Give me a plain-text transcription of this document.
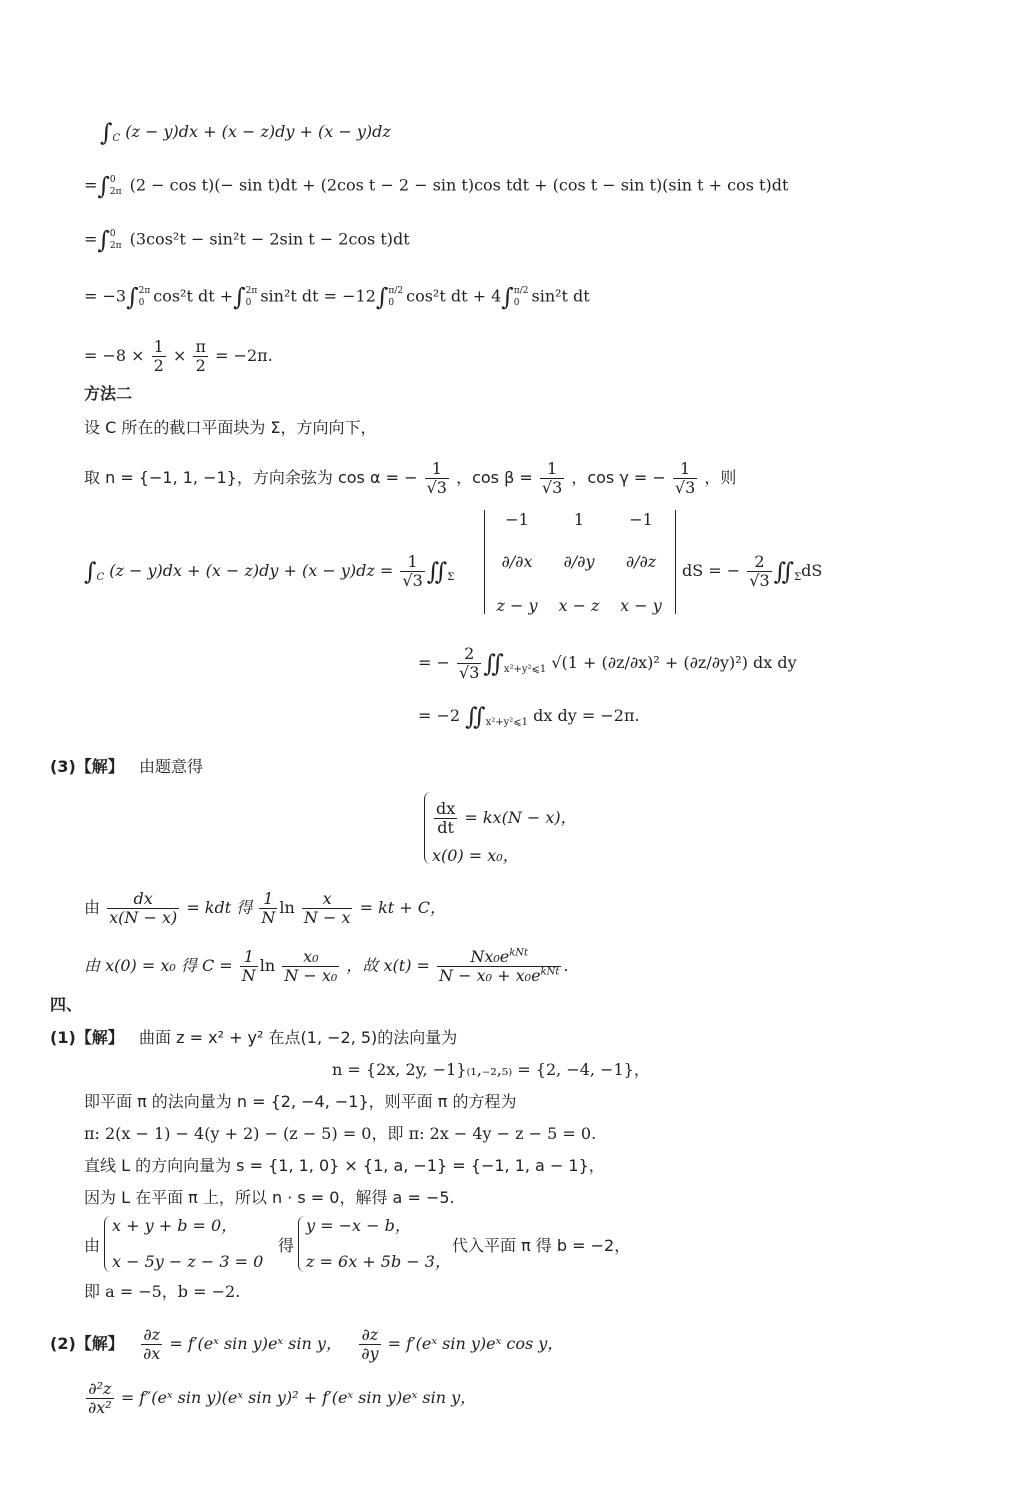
$\int_C$ (z − y)dx + (x − z)dy + (x − y)dz
=∫ 0
2π (2 − cos t)(− sin t)dt + (2cos t − 2 − sin t)cos tdt + (cos t − sin t)(sin t + cos t)dt
=∫ 0
2π (3cos²t − sin²t − 2sin t − 2cos t)dt
= −3∫ 2π
0 cos²t dt +∫ 2π
0 sin²t dt = −12∫ π/2
0 cos²t dt + 4∫ π/2
0 sin²t dt
= $-8 \times \frac{1}{2} \times \frac{\pi}{2} = -2\pi$.
方法二
设 C 所在的截口平面块为 Σ，方向向下，
取 n = {−1, 1, −1}，方向余弦为 cos α = − $\frac{1}{√3}$ ，$\cos \beta = \frac{1}{√3}$ ，cos γ = − $\frac{1}{√3}$ ，则
$\int_C$ $(z - y)dx + (x - z)dy + (x - y)dz = \frac{1}{√3}$ $∬_\Sigma$
−1	1	−1
∂/∂x	∂/∂y	∂/∂z
z − y	x − z	x − y
dS = − $\frac{2}{√3}$ $∬_\Sigma dS$
= − $\frac{2}{√3}$ $∬_{x^2+y^2⩽1}$ √(1 + (∂z/∂x)² + (∂z/∂y)²) dx dy
= −2 $∬_{x^2+y^2⩽1}$ dx dy = −2π.
(3)【解】 由题意得
$\frac{dx}{dt} = kx(N - x)$，
x(0) = x₀，
由 $\frac{dx}{x(N - x)}$ = kdt 得 $\frac{1}{N}$ $\ln \frac{x}{N - x}$ = kt + C，
由 x(0) = x₀ 得 $C = \frac{1}{N}$ $\ln \frac{\text{x₀}}{\text{N − x₀}}$ ，故 $x(t) = \frac{Nx_0e^{kNt}}{N - x_0 + x_0e^{kNt}}$ .
四、
(1)【解】 曲面 z = x² + y² 在点(1, −2, 5)的法向量为
n = {2x, 2y, −1}₍₁,₋₂,₅₎ = {2, −4, −1}，
即平面 π 的法向量为 n = {2, −4, −1}，则平面 π 的方程为
π: 2(x − 1) − 4(y + 2) − (z − 5) = 0，即 π: 2x − 4y − z − 5 = 0.
直线 L 的方向向量为 s = {1, 1, 0} × {1, a, −1} = {−1, 1, a − 1}，
因为 L 在平面 π 上，所以 n · s = 0，解得 a = −5.
由
x + y + b = 0，
x − 5y − z − 3 = 0
得
y = −x − b，
z = 6x + 5b − 3，
代入平面 π 得 b = −2，
即 a = −5，b = −2.
(2)【解】 $\frac{\partial z}{\partial x}$ = f′(eˣ sin y)eˣ sin y， $\frac{\partial z}{\partial y}$ = f′(eˣ sin y)eˣ cos y，
$\frac{\text{∂²z}}{\text{∂x²}}$ = f″(eˣ sin y)(eˣ sin y)² + f′(eˣ sin y)eˣ sin y，
